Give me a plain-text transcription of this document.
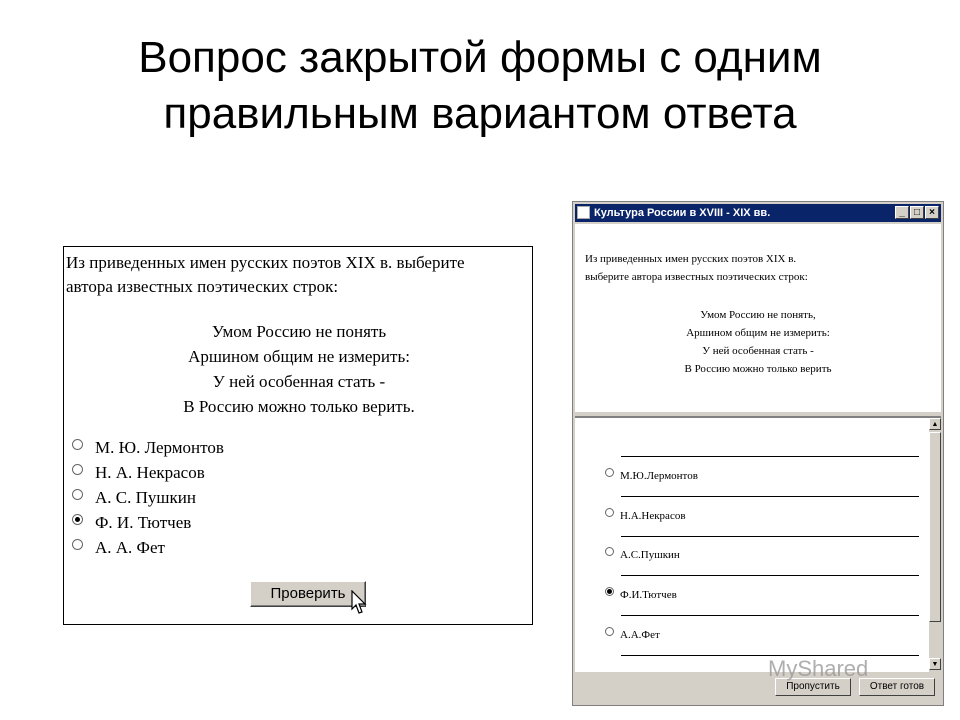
Вопрос закрытой формы с одним
правильным вариантом ответа
Из приведенных имен русских поэтов XIX в. выберите
автора известных поэтических строк:
Умом Россию не понять
Аршином общим не измерить:
У ней особенная стать -
В Россию можно только верить.
М. Ю. Лермонтов
Н. А. Некрасов
А. С. Пушкин
Ф. И. Тютчев
А. А. Фет
Проверить
Культура России в XVIII - XIX вв.	_ □ ×
Из приведенных имен русских поэтов XIX в.
выберите автора известных поэтических строк:
Умом Россию не понять,
Аршином общим не измерить:
У ней особенная стать -
В Россию можно только верить
М.Ю.Лермонтов
Н.А.Некрасов
А.С.Пушкин
Ф.И.Тютчев
А.А.Фет
▲
▼
Пропустить	Ответ готов
MyShared
